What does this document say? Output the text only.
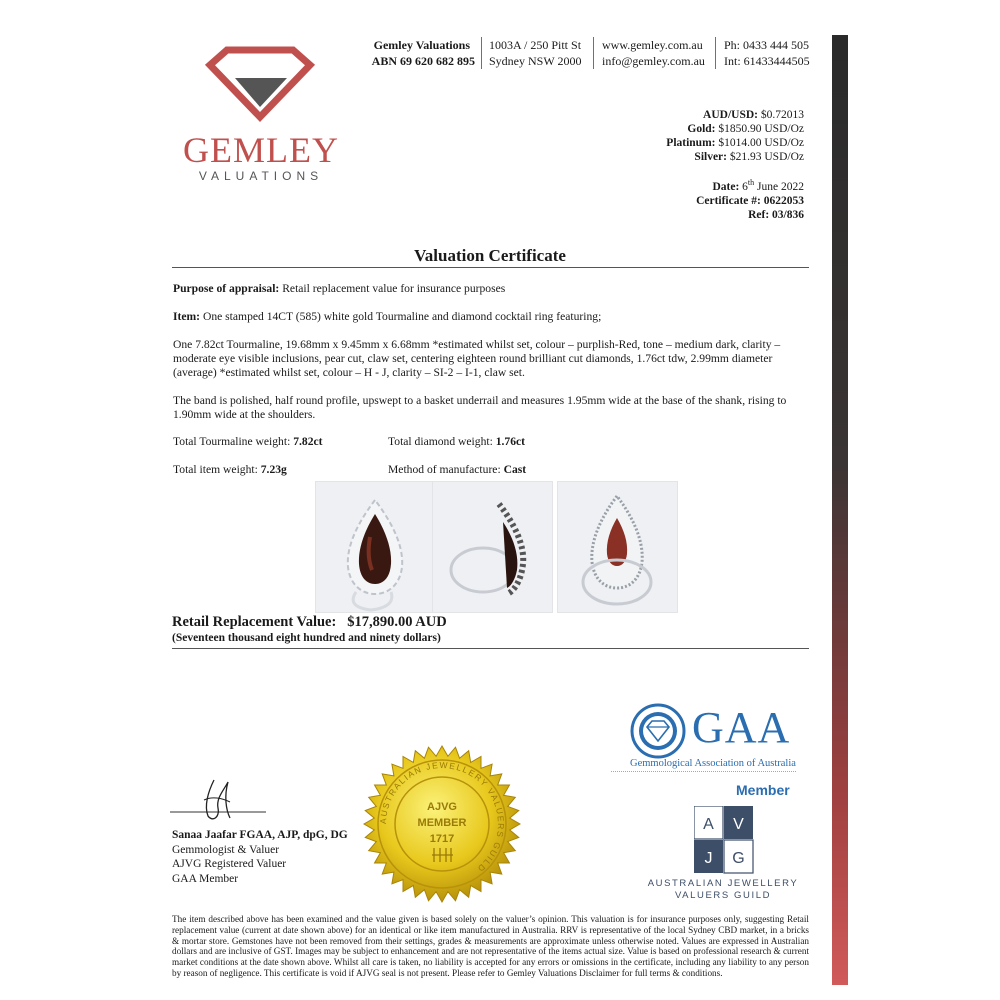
GEMLEY
VALUATIONS
Gemley Valuations
ABN 69 620 682 895
1003A / 250 Pitt St
Sydney NSW 2000
www.gemley.com.au
info@gemley.com.au
Ph: 0433 444 505
Int: 61433444505
AUD/USD: $0.72013
Gold: $1850.90 USD/Oz
Platinum: $1014.00 USD/Oz
Silver: $21.93 USD/Oz
Date: 6th June 2022
Certificate #: 0622053
Ref: 03/836
Valuation Certificate
Purpose of appraisal: Retail replacement value for insurance purposes
Item: One stamped 14CT (585) white gold Tourmaline and diamond cocktail ring featuring;
One 7.82ct Tourmaline, 19.68mm x 9.45mm x 6.68mm *estimated whilst set, colour – purplish-Red, tone – medium dark, clarity – moderate eye visible inclusions, pear cut, claw set, centering eighteen round brilliant cut diamonds, 1.76ct tdw, 2.99mm diameter (average) *estimated whilst set, colour – H - J, clarity – SI-2 – I-1, claw set.
The band is polished, half round profile, upswept to a basket underrail and measures 1.95mm wide at the base of the shank, rising to 1.90mm wide at the shoulders.
Total Tourmaline weight: 7.82ct	Total diamond weight: 1.76ct
Total item weight: 7.23g	Method of manufacture: Cast
Retail Replacement Value: $17,890.00 AUD
(Seventeen thousand eight hundred and ninety dollars)
Sanaa Jaafar FGAA, AJP, dpG, DG
Gemmologist & Valuer
AJVG Registered Valuer
GAA Member
AUSTRALIAN JEWELLERY VALUERS GUILD
AJVG
MEMBER
1717
GAA
Gemmological Association of Australia
Member
A V
J G
AUSTRALIAN JEWELLERY
VALUERS GUILD
The item described above has been examined and the value given is based solely on the valuer’s opinion. This valuation is for insurance purposes only, suggesting Retail replacement value (current at date shown above) for an identical or like item manufactured in Australia. RRV is representative of the local Sydney CBD market, in a bricks & mortar store. Gemstones have not been removed from their settings, grades & measurements are approximate unless otherwise noted. Values are expressed in Australian dollars and are inclusive of GST. Images may be subject to enhancement and are not representative of the items actual size. Value is based on professional research & current market conditions at the date shown above. Whilst all care is taken, no liability is accepted for any errors or omissions in the certificate, including any liability to any person by reason of negligence. This certificate is void if AJVG seal is not present. Please refer to Gemley Valuations Disclaimer for full terms & conditions.
